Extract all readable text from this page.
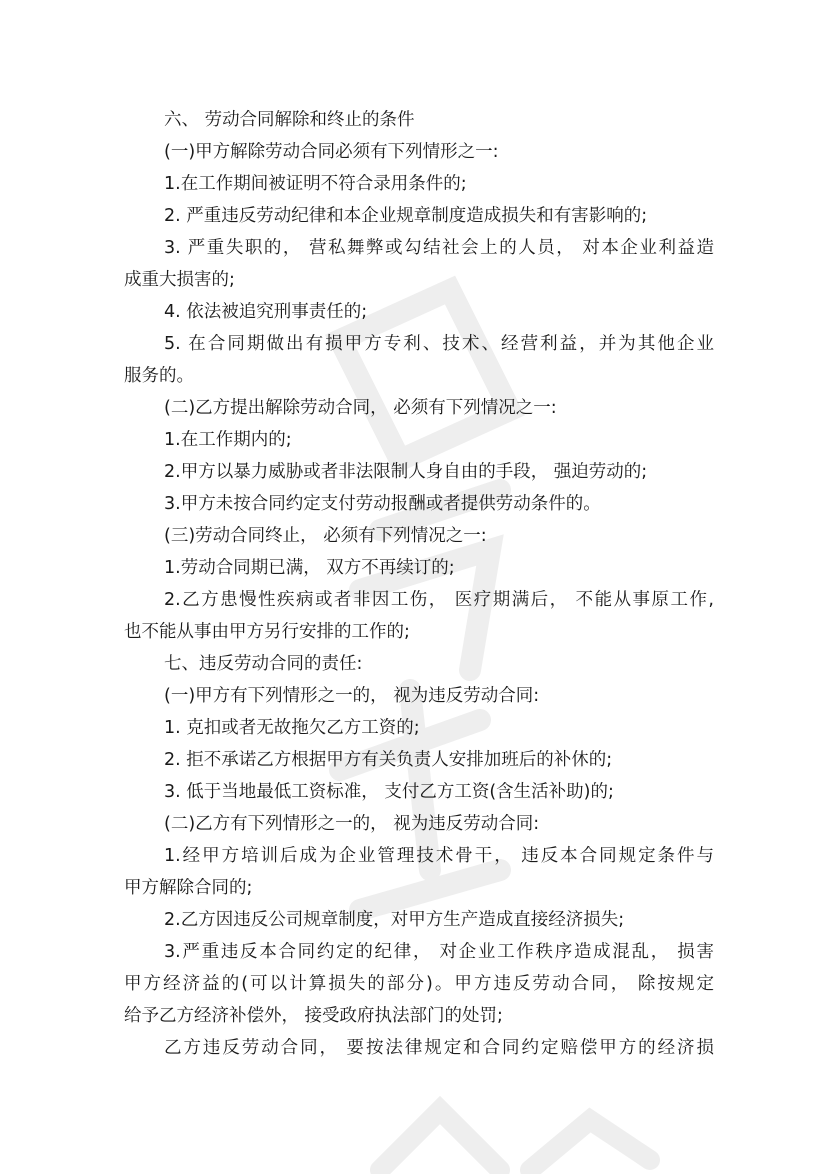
六、 劳动合同解除和终止的条件

(一)甲方解除劳动合同必须有下列情形之一:

1.在工作期间被证明不符合录用条件的;

2. 严重违反劳动纪律和本企业规章制度造成损失和有害影响的;

3. 严重失职的， 营私舞弊或勾结社会上的人员， 对本企业利益造

成重大损害的;

4. 依法被追究刑事责任的;

5. 在合同期做出有损甲方专利、技术、经营利益，并为其他企业

服务的。

(二)乙方提出解除劳动合同， 必须有下列情况之一:

1.在工作期内的;

2.甲方以暴力威胁或者非法限制人身自由的手段， 强迫劳动的;

3.甲方未按合同约定支付劳动报酬或者提供劳动条件的。

(三)劳动合同终止， 必须有下列情况之一:

1.劳动合同期已满， 双方不再续订的;

2.乙方患慢性疾病或者非因工伤， 医疗期满后， 不能从事原工作,

也不能从事由甲方另行安排的工作的;

七、违反劳动合同的责任:

(一)甲方有下列情形之一的， 视为违反劳动合同:

1. 克扣或者无故拖欠乙方工资的;

2. 拒不承诺乙方根据甲方有关负责人安排加班后的补休的;

3. 低于当地最低工资标准， 支付乙方工资(含生活补助)的;

(二)乙方有下列情形之一的， 视为违反劳动合同:

1.经甲方培训后成为企业管理技术骨干， 违反本合同规定条件与

甲方解除合同的;

2.乙方因违反公司规章制度，对甲方生产造成直接经济损失;

3.严重违反本合同约定的纪律， 对企业工作秩序造成混乱， 损害

甲方经济益的(可以计算损失的部分)。甲方违反劳动合同， 除按规定

给予乙方经济补偿外， 接受政府执法部门的处罚;

乙方违反劳动合同， 要按法律规定和合同约定赔偿甲方的经济损
